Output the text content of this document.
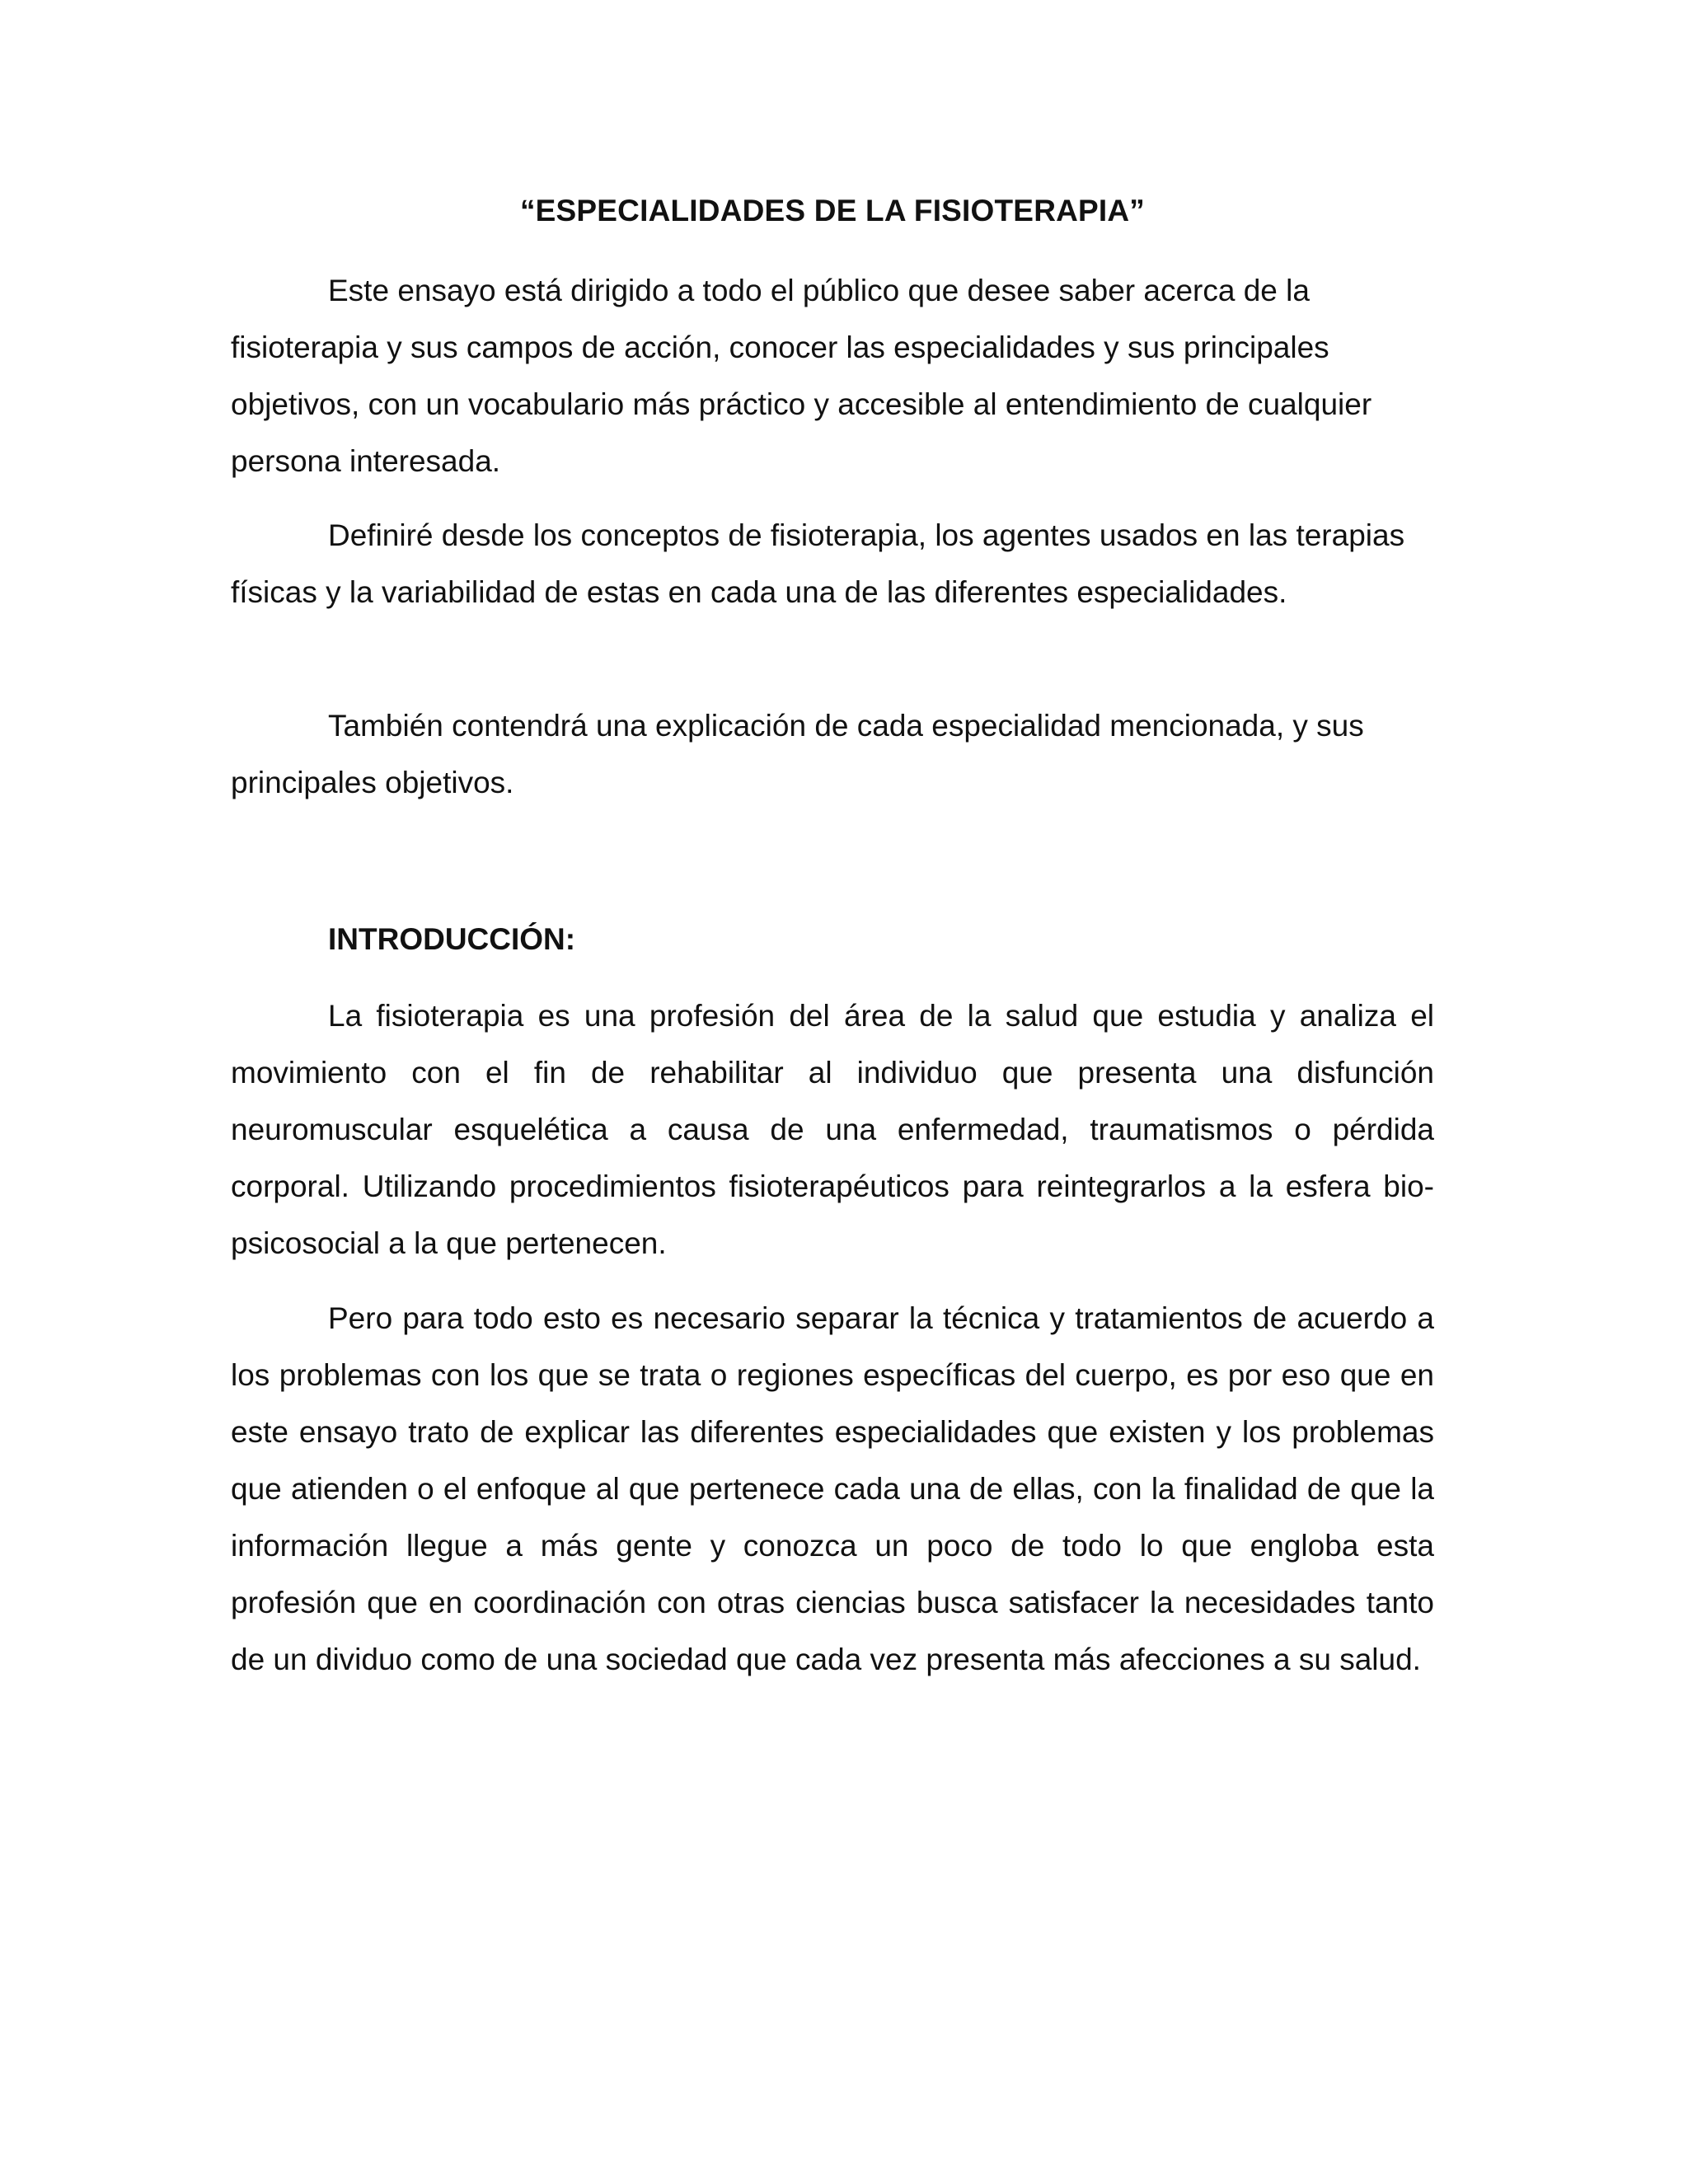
“ESPECIALIDADES DE LA FISIOTERAPIA”

Este ensayo está dirigido a todo el público que desee saber acerca de la fisioterapia y sus campos de acción, conocer las especialidades y sus principales objetivos, con un vocabulario más práctico y accesible al entendimiento de cualquier persona interesada.

Definiré desde los conceptos de fisioterapia, los agentes usados en las terapias físicas y la variabilidad de estas en cada una de las diferentes especialidades.

También contendrá una explicación de cada especialidad mencionada, y sus principales objetivos.

INTRODUCCIÓN:

La fisioterapia es una profesión del área de la salud que estudia y analiza el movimiento con el fin de rehabilitar al individuo que presenta una disfunción neuromuscular esquelética a causa de una enfermedad, traumatismos o pérdida corporal. Utilizando procedimientos fisioterapéuticos para reintegrarlos a la esfera bio-psicosocial a la que pertenecen.

Pero para todo esto es necesario separar la técnica y tratamientos de acuerdo a los problemas con los que se trata o regiones específicas del cuerpo, es por eso que en este ensayo trato de explicar las diferentes especialidades que existen y los problemas que atienden o el enfoque al que pertenece cada una de ellas, con la finalidad de que la información llegue a más gente y conozca un poco de todo lo que engloba esta profesión que en coordinación con otras ciencias busca satisfacer la necesidades tanto de un dividuo como de una sociedad que cada vez presenta más afecciones a su salud.
